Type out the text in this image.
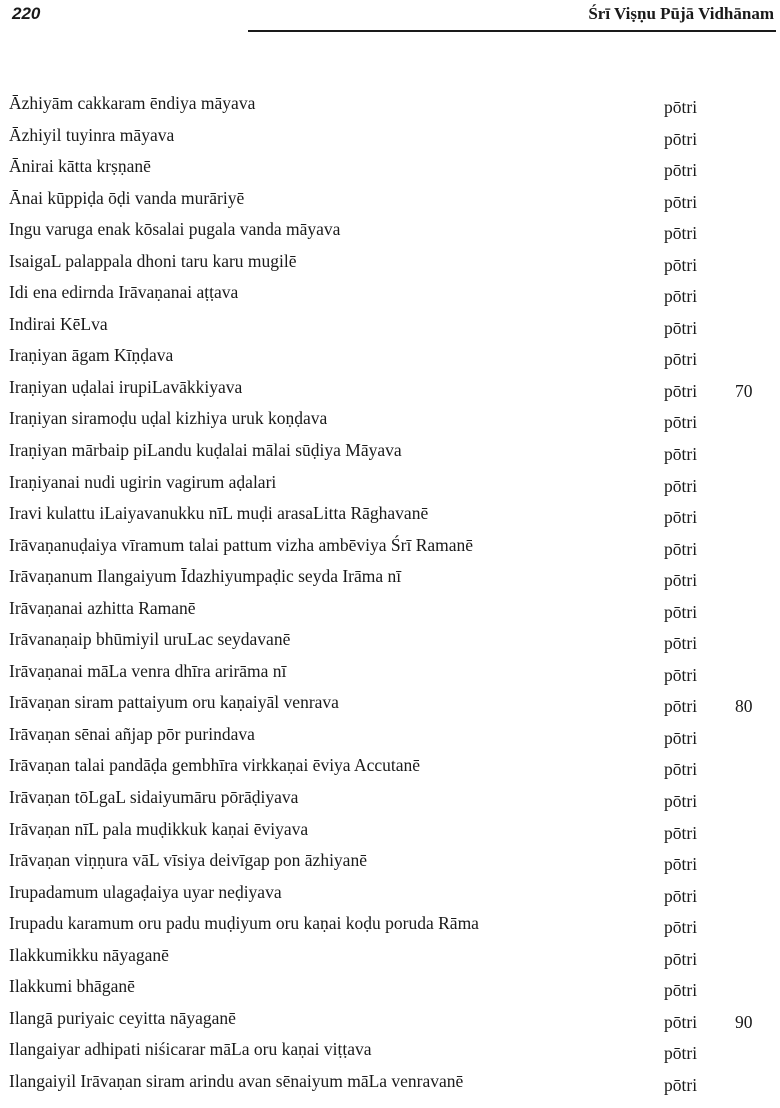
220	Śrī Viṣṇu Pūjā Vidhānam
Āzhiyām cakkaram ēndiya māyava	pōtri
Āzhiyil tuyinra māyava	pōtri
Ānirai kātta krṣṇanē	pōtri
Ānai kūppiḍa ōḍi vanda murāriyē	pōtri
Ingu varuga enak kōsalai pugala vanda māyava	pōtri
IsaigaL palappala dhoni taru karu mugilē	pōtri
Idi ena edirnda Irāvaṇanai aṭṭava	pōtri
Indirai KēLva	pōtri
Iraṇiyan āgam Kīṇḍava	pōtri
Iraṇiyan uḍalai irupiLavākkiyava	pōtri 70
Iraṇiyan siramoḍu uḍal kizhiya uruk koṇḍava	pōtri
Iraṇiyan mārbaip piLandu kuḍalai mālai sūḍiya Māyava	pōtri
Iraṇiyanai nudi ugirin vagirum aḍalari	pōtri
Iravi kulattu iLaiyavanukku nīL muḍi arasaLitta Rāghavanē	pōtri
Irāvaṇanuḍaiya vīramum talai pattum vizha ambēviya Śrī Ramanē	pōtri
Irāvaṇanum Ilangaiyum Īdazhiyumpaḍic seyda Irāma nī	pōtri
Irāvaṇanai azhitta Ramanē	pōtri
Irāvanaṇaip bhūmiyil uruLac seydavanē	pōtri
Irāvaṇanai māLa venra dhīra arirāma nī	pōtri
Irāvaṇan siram pattaiyum oru kaṇaiyāl venrava	pōtri 80
Irāvaṇan sēnai añjap pōr purindava	pōtri
Irāvaṇan talai pandāḍa gembhīra virkkaṇai ēviya Accutanē	pōtri
Irāvaṇan tōLgaL sidaiyumāru pōrāḍiyava	pōtri
Irāvaṇan nīL pala muḍikkuk kaṇai ēviyava	pōtri
Irāvaṇan viṇṇura vāL vīsiya deivīgap pon āzhiyanē	pōtri
Irupadamum ulagaḍaiya uyar neḍiyava	pōtri
Irupadu karamum oru padu muḍiyum oru kaṇai koḍu poruda Rāma	pōtri
Ilakkumikku nāyaganē	pōtri
Ilakkumi bhāganē	pōtri
Ilangā puriyaic ceyitta nāyaganē	pōtri 90
Ilangaiyar adhipati niśicarar māLa oru kaṇai viṭṭava	pōtri
Ilangaiyil Irāvaṇan siram arindu avan sēnaiyum māLa venravanē	pōtri
